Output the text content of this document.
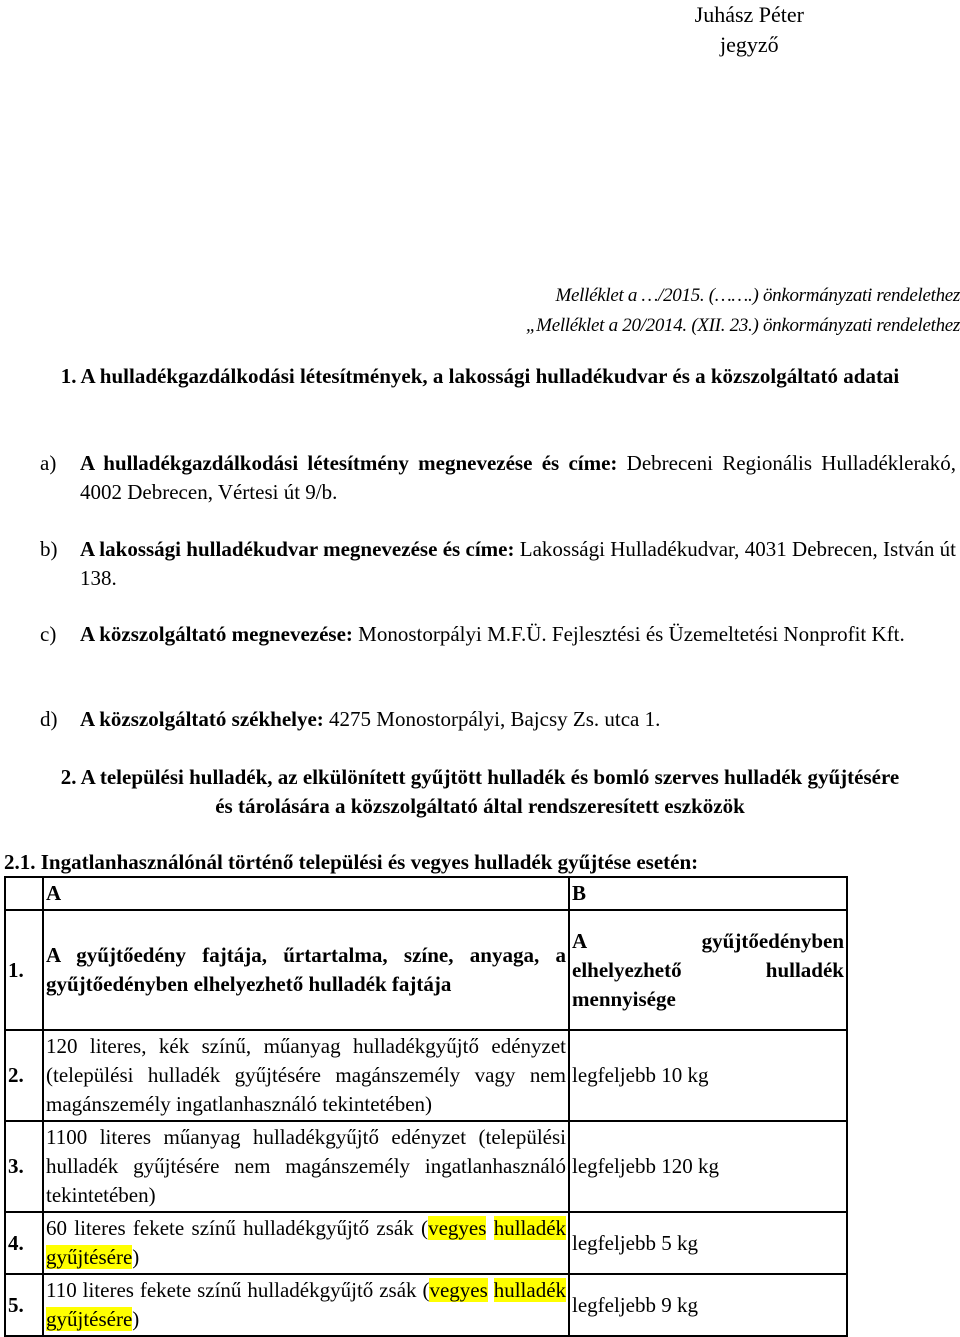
Juhász Péter
jegyző
Melléklet a …/2015. (…….) önkormányzati rendelethez
„Melléklet a 20/2014. (XII. 23.) önkormányzati rendelethez
1. A hulladékgazdálkodási létesítmények, a lakossági hulladékudvar és a közszolgáltató adatai
a)	A hulladékgazdálkodási létesítmény megnevezése és címe: Debreceni Regionális Hulladéklerakó, 4002 Debrecen, Vértesi út 9/b.
b)	A lakossági hulladékudvar megnevezése és címe: Lakossági Hulladékudvar, 4031 Debrecen, István út 138.
c)	A közszolgáltató megnevezése: Monostorpályi M.F.Ü. Fejlesztési és Üzemeltetési Nonprofit Kft.
d)	A közszolgáltató székhelye: 4275 Monostorpályi, Bajcsy Zs. utca 1.
2. A települési hulladék, az elkülönített gyűjtött hulladék és bomló szerves hulladék gyűjtésére és tárolására a közszolgáltató által rendszeresített eszközök
2.1. Ingatlanhasználónál történő települési és vegyes hulladék gyűjtése esetén:
	A	B
1.	A gyűjtőedény fajtája, űrtartalma, színe, anyaga, a gyűjtőedényben elhelyezhető hulladék fajtája	A gyűjtőedényben elhelyezhető hulladék mennyisége
2.	120 literes, kék színű, műanyag hulladékgyűjtő edényzet (települési hulladék gyűjtésére magánszemély vagy nem magánszemély ingatlanhasználó tekintetében)	legfeljebb 10 kg
3.	1100 literes műanyag hulladékgyűjtő edényzet (települési hulladék gyűjtésére nem magánszemély ingatlanhasználó tekintetében)	legfeljebb 120 kg
4.	60 literes fekete színű hulladékgyűjtő zsák (vegyes hulladék gyűjtésére)	legfeljebb 5 kg
5.	110 literes fekete színű hulladékgyűjtő zsák (vegyes hulladék gyűjtésére)	legfeljebb 9 kg
